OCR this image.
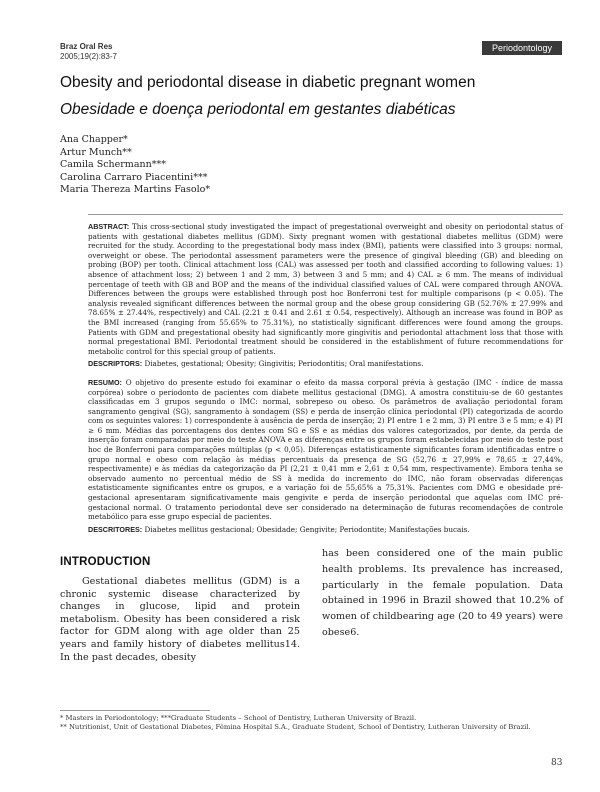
Braz Oral Res
2005;19(2):83-7
Periodontology
Obesity and periodontal disease in diabetic pregnant women
Obesidade e doença periodontal em gestantes diabéticas
Ana Chapper*
Artur Munch**
Camila Schermann***
Carolina Carraro Piacentini***
Maria Thereza Martins Fasolo*

ABSTRACT: This cross-sectional study investigated the impact of pregestational overweight and obesity on periodontal status of patients with gestational diabetes mellitus (GDM). Sixty pregnant women with gestational diabetes mellitus (GDM) were recruited for the study. According to the pregestational body mass index (BMI), patients were classified into 3 groups: normal, overweight or obese. The periodontal assessment parameters were the presence of gingival bleeding (GB) and bleeding on probing (BOP) per tooth. Clinical attachment loss (CAL) was assessed per tooth and classified according to following values: 1) absence of attachment loss; 2) between 1 and 2 mm, 3) between 3 and 5 mm; and 4) CAL ≥ 6 mm. The means of individual percentage of teeth with GB and BOP and the means of the individual classified values of CAL were compared through ANOVA. Differences between the groups were established through post hoc Bonferroni test for multiple comparisons (p < 0.05). The analysis revealed significant differences between the normal group and the obese group considering GB (52.76% ± 27.99% and 78.65% ± 27.44%, respectively) and CAL (2.21 ± 0.41 and 2.61 ± 0.54, respectively). Although an increase was found in BOP as the BMI increased (ranging from 55.65% to 75.31%), no statistically significant differences were found among the groups. Patients with GDM and pregestational obesity had significantly more gingivitis and periodontal attachment loss that those with normal pregestational BMI. Periodontal treatment should be considered in the establishment of future recommendations for metabolic control for this special group of patients.

DESCRIPTORS: Diabetes, gestational; Obesity; Gingivitis; Periodontitis; Oral manifestations.

RESUMO: O objetivo do presente estudo foi examinar o efeito da massa corporal prévia à gestação (IMC - índice de massa corpórea) sobre o periodonto de pacientes com diabete mellitus gestacional (DMG). A amostra constituiu-se de 60 gestantes classificadas em 3 grupos segundo o IMC: normal, sobrepeso ou obeso. Os parâmetros de avaliação periodontal foram sangramento gengival (SG), sangramento à sondagem (SS) e perda de inserção clínica periodontal (PI) categorizada de acordo com os seguintes valores: 1) correspondente à ausência de perda de inserção; 2) PI entre 1 e 2 mm, 3) PI entre 3 e 5 mm; e 4) PI ≥ 6 mm. Médias das porcentagens dos dentes com SG e SS e as médias dos valores categorizados, por dente, da perda de inserção foram comparadas por meio do teste ANOVA e as diferenças entre os grupos foram estabelecidas por meio do teste post hoc de Bonferroni para comparações múltiplas (p < 0,05). Diferenças estatisticamente significantes foram identificadas entre o grupo normal e obeso com relação às médias percentuais da presença de SG (52,76 ± 27,99% e 78,65 ± 27,44%, respectivamente) e às médias da categorização da PI (2,21 ± 0,41 mm e 2,61 ± 0,54 mm, respectivamente). Embora tenha se observado aumento no percentual médio de SS à medida do incremento do IMC, não foram observadas diferenças estatisticamente significantes entre os grupos, e a variação foi de 55,65% a 75,31%. Pacientes com DMG e obesidade pré-gestacional apresentaram significativamente mais gengivite e perda de inserção periodontal que aquelas com IMC pré-gestacional normal. O tratamento periodontal deve ser considerado na determinação de futuras recomendações de controle metabólico para esse grupo especial de pacientes.

DESCRITORES: Diabetes mellitus gestacional; Obesidade; Gengivite; Periodontite; Manifestações bucais.

INTRODUCTION

Gestational diabetes mellitus (GDM) is a chronic systemic disease characterized by changes in glucose, lipid and protein metabolism. Obesity has been considered a risk factor for GDM along with age older than 25 years and family history of diabetes mellitus14. In the past decades, obesity

has been considered one of the main public health problems. Its prevalence has increased, particularly in the female population. Data obtained in 1996 in Brazil showed that 10.2% of women of childbearing age (20 to 49 years) were obese6.

* Masters in Periodontology; ***Graduate Students – School of Dentistry, Lutheran University of Brazil.
** Nutritionist, Unit of Gestational Diabetes, Fêmina Hospital S.A., Graduate Student, School of Dentistry, Lutheran University of Brazil.
83
